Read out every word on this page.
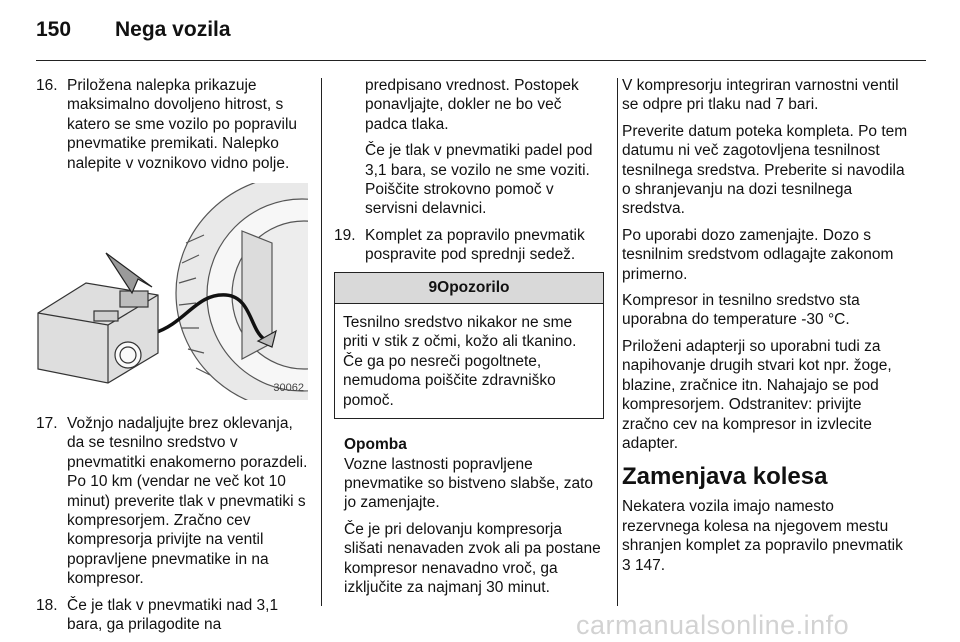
150 Nega vozila
16. Priložena nalepka prikazuje maksimalno dovoljeno hitrost, s katero se sme vozilo po popravilu pnevmatike premikati. Nalepko nalepite v voznikovo vidno polje.
30062
17. Vožnjo nadaljujte brez oklevanja, da se tesnilno sredstvo v pnevmatitki enakomerno porazdeli. Po 10 km (vendar ne več kot 10 minut) preverite tlak v pnevmatiki s kompresorjem. Zračno cev kompresorja privijte na ventil popravljene pnevmatike in na kompresor.
18. Če je tlak v pnevmatiki nad 3,1 bara, ga prilagodite na

predpisano vrednost. Postopek ponavljajte, dokler ne bo več padca tlaka.

Če je tlak v pnevmatiki padel pod 3,1 bara, se vozilo ne sme voziti. Poiščite strokovno pomoč v servisni delavnici.

19. Komplet za popravilo pnevmatik pospravite pod sprednji sedež.
9Opozorilo
Tesnilno sredstvo nikakor ne sme priti v stik z očmi, kožo ali tkanino. Če ga po nesreči pogoltnete, nemudoma poiščite zdravniško pomoč.
Opomba

Vozne lastnosti popravljene pnevmatike so bistveno slabše, zato jo zamenjajte.

Če je pri delovanju kompresorja slišati nenavaden zvok ali pa postane kompresor nenavadno vroč, ga izključite za najmanj 30 minut.

V kompresorju integriran varnostni ventil se odpre pri tlaku nad 7 bari.

Preverite datum poteka kompleta. Po tem datumu ni več zagotovljena tesnilnost tesnilnega sredstva. Preberite si navodila o shranjevanju na dozi tesnilnega sredstva.

Po uporabi dozo zamenjajte. Dozo s tesnilnim sredstvom odlagajte zakonom primerno.

Kompresor in tesnilno sredstvo sta uporabna do temperature -30 °C.

Priloženi adapterji so uporabni tudi za napihovanje drugih stvari kot npr. žoge, blazine, zračnice itn. Nahajajo se pod kompresorjem. Odstranitev: privijte zračno cev na kompresor in izvlecite adapter.

Zamenjava kolesa

Nekatera vozila imajo namesto rezervnega kolesa na njegovem mestu shranjen komplet za popravilo pnevmatik 3 147.

carmanualsonline.info
